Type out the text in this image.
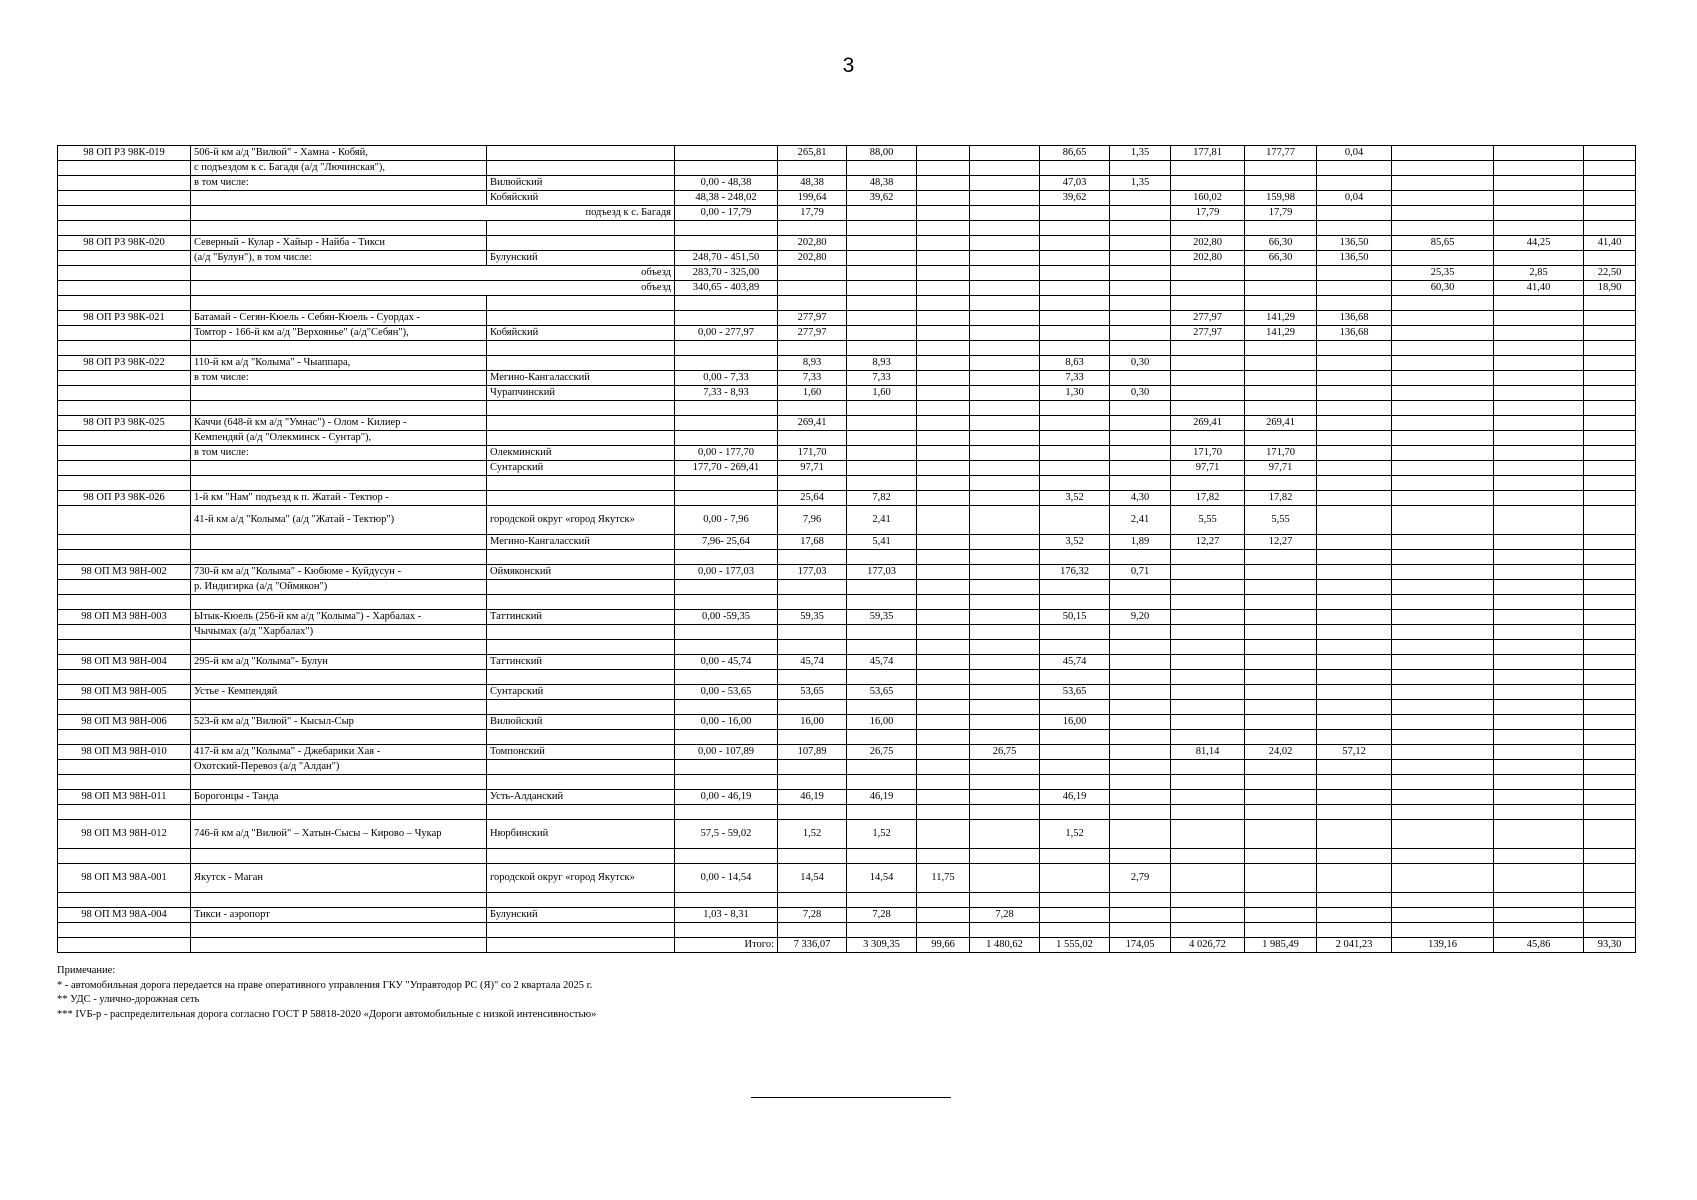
3
98 ОП РЗ 98К-019	506-й км а/д "Вилюй" - Хамна - Кобяй,			265,81	88,00			86,65	1,35	177,81	177,77	0,04			
	с подъездом к с. Багадя (а/д "Лючинская"),														
	в том числе:	Вилюйский	0,00 - 48,38	48,38	48,38			47,03	1,35						
		Кобяйский	48,38 - 248,02	199,64	39,62			39,62		160,02	159,98	0,04			
	подъезд к с. Багадя		0,00 - 17,79	17,79						17,79	17,79				

98 ОП РЗ 98К-020	Северный - Кулар - Хайыр - Найба - Тикси			202,80						202,80	66,30	136,50	85,65	44,25	41,40
	(а/д "Булун"), в том числе:	Булунский	248,70 - 451,50	202,80						202,80	66,30	136,50			
	объезд		283,70 - 325,00										25,35	2,85	22,50
	объезд		340,65 - 403,89										60,30	41,40	18,90

98 ОП РЗ 98К-021	Батамай - Сегян-Кюель - Себян-Кюель - Суордах -			277,97						277,97	141,29	136,68			
	Томтор - 166-й км а/д "Верхоянье" (а/д"Себян"),	Кобяйский	0,00 - 277,97	277,97						277,97	141,29	136,68			

98 ОП РЗ 98К-022	110-й км а/д "Колыма" - Чыаппара,			8,93	8,93			8,63	0,30						
	в том числе:	Мегино-Кангаласский	0,00 - 7,33	7,33	7,33			7,33							
		Чурапчинский	7,33 - 8,93	1,60	1,60			1,30	0,30						

98 ОП РЗ 98К-025	Каччи (648-й км а/д "Умнас") - Олом - Килиер -			269,41						269,41	269,41				
	Кемпендяй (а/д "Олекминск - Сунтар"),														
	в том числе:	Олекминский	0,00 - 177,70	171,70						171,70	171,70				
		Сунтарский	177,70 - 269,41	97,71						97,71	97,71				

98 ОП РЗ 98К-026	1-й км "Нам" подъезд к п. Жатай - Тектюр -			25,64	7,82			3,52	4,30	17,82	17,82				
	41-й км а/д "Колыма" (а/д "Жатай - Тектюр")	городской округ «город Якутск»	0,00 - 7,96	7,96	2,41				2,41	5,55	5,55				
		Мегино-Кангаласский	7,96- 25,64	17,68	5,41			3,52	1,89	12,27	12,27				

98 ОП МЗ 98Н-002	730-й км а/д "Колыма" - Кюбюме - Куйдусун -	Оймяконский	0,00 - 177,03	177,03	177,03			176,32	0,71						
	р. Индигирка (а/д "Оймякон")														

98 ОП МЗ 98Н-003	Ытык-Кюель (256-й км а/д "Колыма") - Харбалах -	Таттинский	0,00 -59,35	59,35	59,35			50,15	9,20						
	Чычымах (а/д "Харбалах")														

98 ОП МЗ 98Н-004	295-й км а/д "Колыма"- Булун	Таттинский	0,00 - 45,74	45,74	45,74			45,74							

98 ОП МЗ 98Н-005	Устье - Кемпендяй	Сунтарский	0,00 - 53,65	53,65	53,65			53,65							

98 ОП МЗ 98Н-006	523-й км а/д "Вилюй" - Кысыл-Сыр	Вилюйский	0,00 - 16,00	16,00	16,00			16,00							

98 ОП МЗ 98Н-010	417-й км а/д "Колыма" - Джебарики Хая -	Томпонский	0,00 - 107,89	107,89	26,75		26,75			81,14	24,02	57,12			
	Охотский-Перевоз (а/д "Алдан")														

98 ОП МЗ 98Н-011	Борогонцы - Танда	Усть-Алданский	0,00 - 46,19	46,19	46,19			46,19							

98 ОП МЗ 98Н-012	746-й км а/д "Вилюй" – Хатын-Сысы – Кирово – Чукар	Нюрбинский	57,5 - 59,02	1,52	1,52			1,52							

98 ОП МЗ 98А-001	Якутск - Маган	городской округ «город Якутск»	0,00 - 14,54	14,54	14,54	11,75			2,79						

98 ОП МЗ 98А-004	Тикси - аэропорт	Булунский	1,03 - 8,31	7,28	7,28		7,28								

			Итого:	7 336,07	3 309,35	99,66	1 480,62	1 555,02	174,05	4 026,72	1 985,49	2 041,23	139,16	45,86	93,30
Примечание:
* - автомобильная дорога передается на праве оперативного управления ГКУ "Управтодор РС (Я)" со 2 квартала 2025 г.
** УДС - улично-дорожная сеть
*** IVБ-р - распределительная дорога согласно ГОСТ Р 58818-2020 «Дороги автомобильные с низкой интенсивностью»
